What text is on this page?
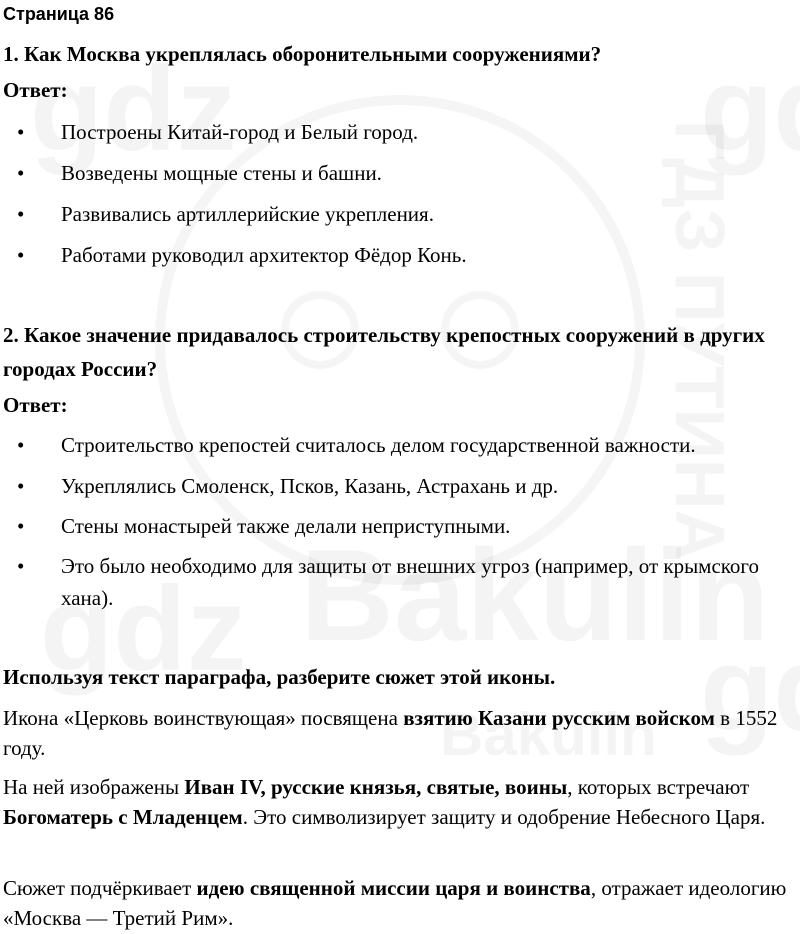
Страница 86
1. Как Москва укреплялась оборонительными сооружениями?
Ответ:
• Построены Китай-город и Белый город.
• Возведены мощные стены и башни.
• Развивались артиллерийские укрепления.
• Работами руководил архитектор Фёдор Конь.
2. Какое значение придавалось строительству крепостных сооружений в других городах России?
Ответ:
• Строительство крепостей считалось делом государственной важности.
• Укреплялись Смоленск, Псков, Казань, Астрахань и др.
• Стены монастырей также делали неприступными.
• Это было необходимо для защиты от внешних угроз (например, от крымского хана).
Используя текст параграфа, разберите сюжет этой иконы.
Икона «Церковь воинствующая» посвящена взятию Казани русским войском в 1552 году.
На ней изображены Иван IV, русские князья, святые, воины, которых встречают Богоматерь с Младенцем. Это символизирует защиту и одобрение Небесного Царя.
Сюжет подчёркивает идею священной миссии царя и воинства, отражает идеологию «Москва — Третий Рим».
